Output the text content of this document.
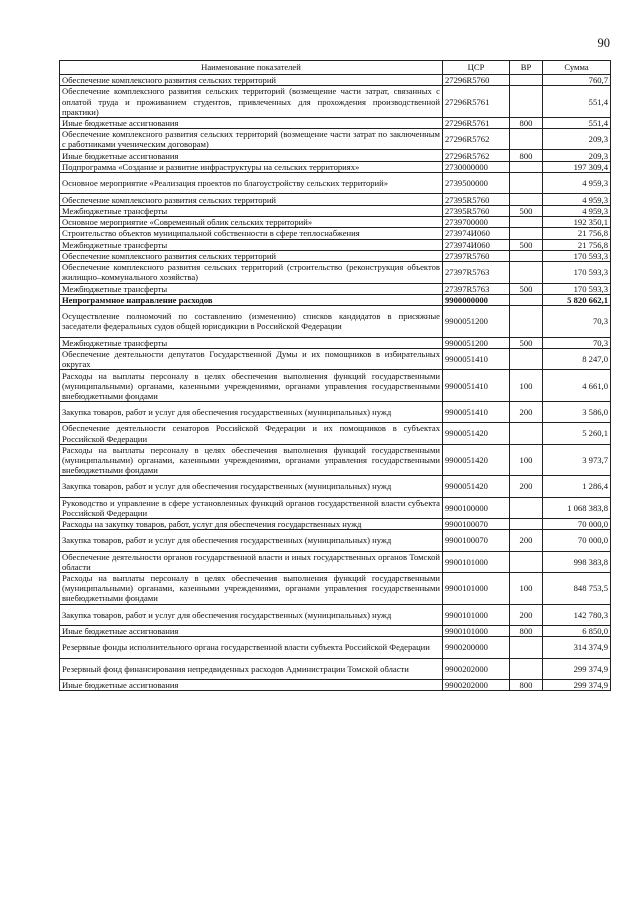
90
Наименование показателей	ЦСР	ВР	Сумма
Обеспечение комплексного развития сельских территорий	27296R5760		760,7
Обеспечение комплексного развития сельских территорий (возмещение части затрат, связанных с оплатой труда и проживанием студентов, привлеченных для прохождения производственной практики)	27296R5761		551,4
Иные бюджетные ассигнования	27296R5761	800	551,4
Обеспечение комплексного развития сельских территорий (возмещение части затрат по заключенным с работниками ученическим договорам)	27296R5762		209,3
Иные бюджетные ассигнования	27296R5762	800	209,3
Подпрограмма «Создание и развитие инфраструктуры на сельских территориях»	2730000000		197 309,4
Основное мероприятие «Реализация проектов по благоустройству сельских территорий»	2739500000		4 959,3
Обеспечение комплексного развития сельских территорий	27395R5760		4 959,3
Межбюджетные трансферты	27395R5760	500	4 959,3
Основное мероприятие «Современный облик сельских территорий»	2739700000		192 350,1
Строительство объектов муниципальной собственности в сфере теплоснабжения	273974И060		21 756,8
Межбюджетные трансферты	273974И060	500	21 756,8
Обеспечение комплексного развития сельских территорий	27397R5760		170 593,3
Обеспечение комплексного развития сельских территорий (строительство (реконструкция объектов жилищно–коммунального хозяйства)	27397R5763		170 593,3
Межбюджетные трансферты	27397R5763	500	170 593,3
Непрограммное направление расходов	9900000000		5 820 662,1
Осуществление полномочий по составлению (изменению) списков кандидатов в присяжные заседатели федеральных судов общей юрисдикции в Российской Федерации	9900051200		70,3
Межбюджетные трансферты	9900051200	500	70,3
Обеспечение деятельности депутатов Государственной Думы и их помощников в избирательных округах	9900051410		8 247,0
Расходы на выплаты персоналу в целях обеспечения выполнения функций государственными (муниципальными) органами, казенными учреждениями, органами управления государственными внебюджетными фондами	9900051410	100	4 661,0
Закупка товаров, работ и услуг для обеспечения государственных (муниципальных) нужд	9900051410	200	3 586,0
Обеспечение деятельности сенаторов Российской Федерации и их помощников в субъектах Российской Федерации	9900051420		5 260,1
Расходы на выплаты персоналу в целях обеспечения выполнения функций государственными (муниципальными) органами, казенными учреждениями, органами управления государственными внебюджетными фондами	9900051420	100	3 973,7
Закупка товаров, работ и услуг для обеспечения государственных (муниципальных) нужд	9900051420	200	1 286,4
Руководство и управление в сфере установленных функций органов государственной власти субъекта Российской Федерации	9900100000		1 068 383,8
Расходы на закупку товаров, работ, услуг для обеспечения государственных нужд	9900100070		70 000,0
Закупка товаров, работ и услуг для обеспечения государственных (муниципальных) нужд	9900100070	200	70 000,0
Обеспечение деятельности органов государственной власти и иных государственных органов Томской области	9900101000		998 383,8
Расходы на выплаты персоналу в целях обеспечения выполнения функций государственными (муниципальными) органами, казенными учреждениями, органами управления государственными внебюджетными фондами	9900101000	100	848 753,5
Закупка товаров, работ и услуг для обеспечения государственных (муниципальных) нужд	9900101000	200	142 780,3
Иные бюджетные ассигнования	9900101000	800	6 850,0
Резервные фонды исполнительного органа государственной власти субъекта Российской Федерации	9900200000		314 374,9
Резервный фонд финансирования непредвиденных расходов Администрации Томской области	9900202000		299 374,9
Иные бюджетные ассигнования	9900202000	800	299 374,9
